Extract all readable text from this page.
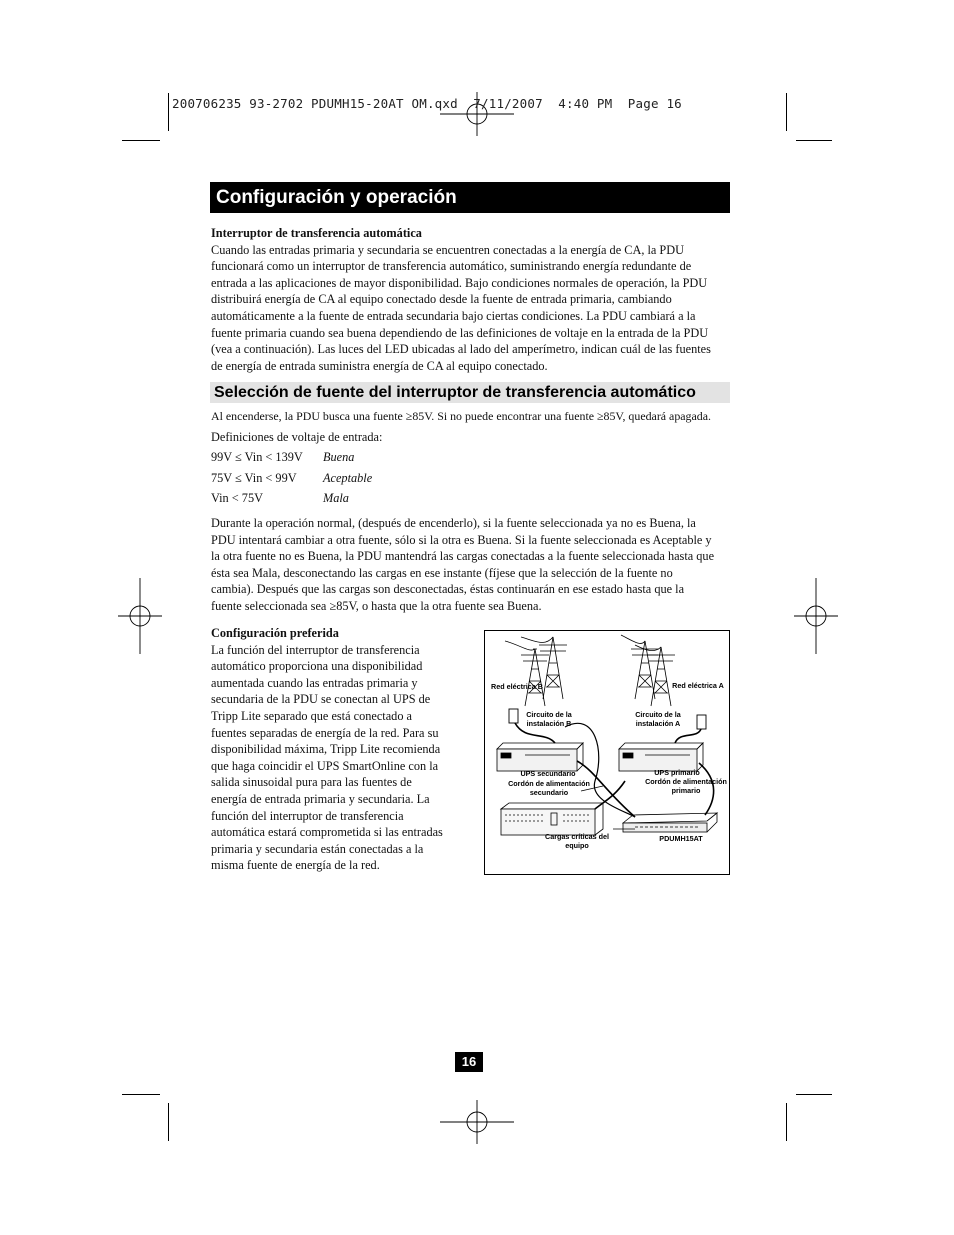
200706235 93-2702 PDUMH15-20AT OM.qxd  7/11/2007  4:40 PM  Page 16
Configuración y operación
Interruptor de transferencia automática
Cuando las entradas primaria y secundaria se encuentren conectadas a la energía de CA, la PDU
funcionará como un interruptor de transferencia automático, suministrando energía redundante de
entrada a las aplicaciones de mayor disponibilidad. Bajo condiciones normales de operación, la PDU
distribuirá energía de CA al equipo conectado desde la fuente de entrada primaria, cambiando
automáticamente a la fuente de entrada secundaria bajo ciertas condiciones. La PDU cambiará a la
fuente primaria cuando sea buena dependiendo de las definiciones de voltaje en la entrada de la PDU
(vea a continuación). Las luces del LED ubicadas al lado del amperímetro, indican cuál de las fuentes
de energía de entrada suministra energía de CA al equipo conectado.
Selección de fuente del interruptor de transferencia automático
Al encenderse, la PDU busca una fuente ≥85V. Si no puede encontrar una fuente ≥85V, quedará apagada.
Definiciones de voltaje de entrada:
99V ≤ Vin < 139V Buena
75V ≤ Vin < 99V Aceptable
Vin < 75V	Mala
Durante la operación normal, (después de encenderlo), si la fuente seleccionada ya no es Buena, la
PDU intentará cambiar a otra fuente, sólo si la otra es Buena. Si la fuente seleccionada es Aceptable y
la otra fuente no es Buena, la PDU mantendrá las cargas conectadas a la fuente seleccionada hasta que
ésta sea Mala, desconectando las cargas en ese instante (fíjese que la selección de la fuente no
cambia). Después que las cargas son desconectadas, éstas continuarán en ese estado hasta que la
fuente seleccionada sea ≥85V, o hasta que la otra fuente sea Buena.
Configuración preferida
La función del interruptor de transferencia
automático proporciona una disponibilidad
aumentada cuando las entradas primaria y
secundaria de la PDU se conectan al UPS de
Tripp Lite separado que está conectado a
fuentes separadas de energía de la red. Para su
disponibilidad máxima, Tripp Lite recomienda
que haga coincidir el UPS SmartOnline con la
salida sinusoidal pura para las fuentes de
energía de entrada primaria y secundaria. La
función del interruptor de transferencia
automática estará comprometida si las entradas
primaria y secundaria están conectadas a la
misma fuente de energía de la red.
Red eléctrica B	Red eléctrica A
Circuito de la instalación B
Circuito de la instalación A
UPS secundario
Cordón de alimentación secundario
UPS primario
Cordón de alimentación primario
Cargas críticas del equipo
PDUMH15AT
16
